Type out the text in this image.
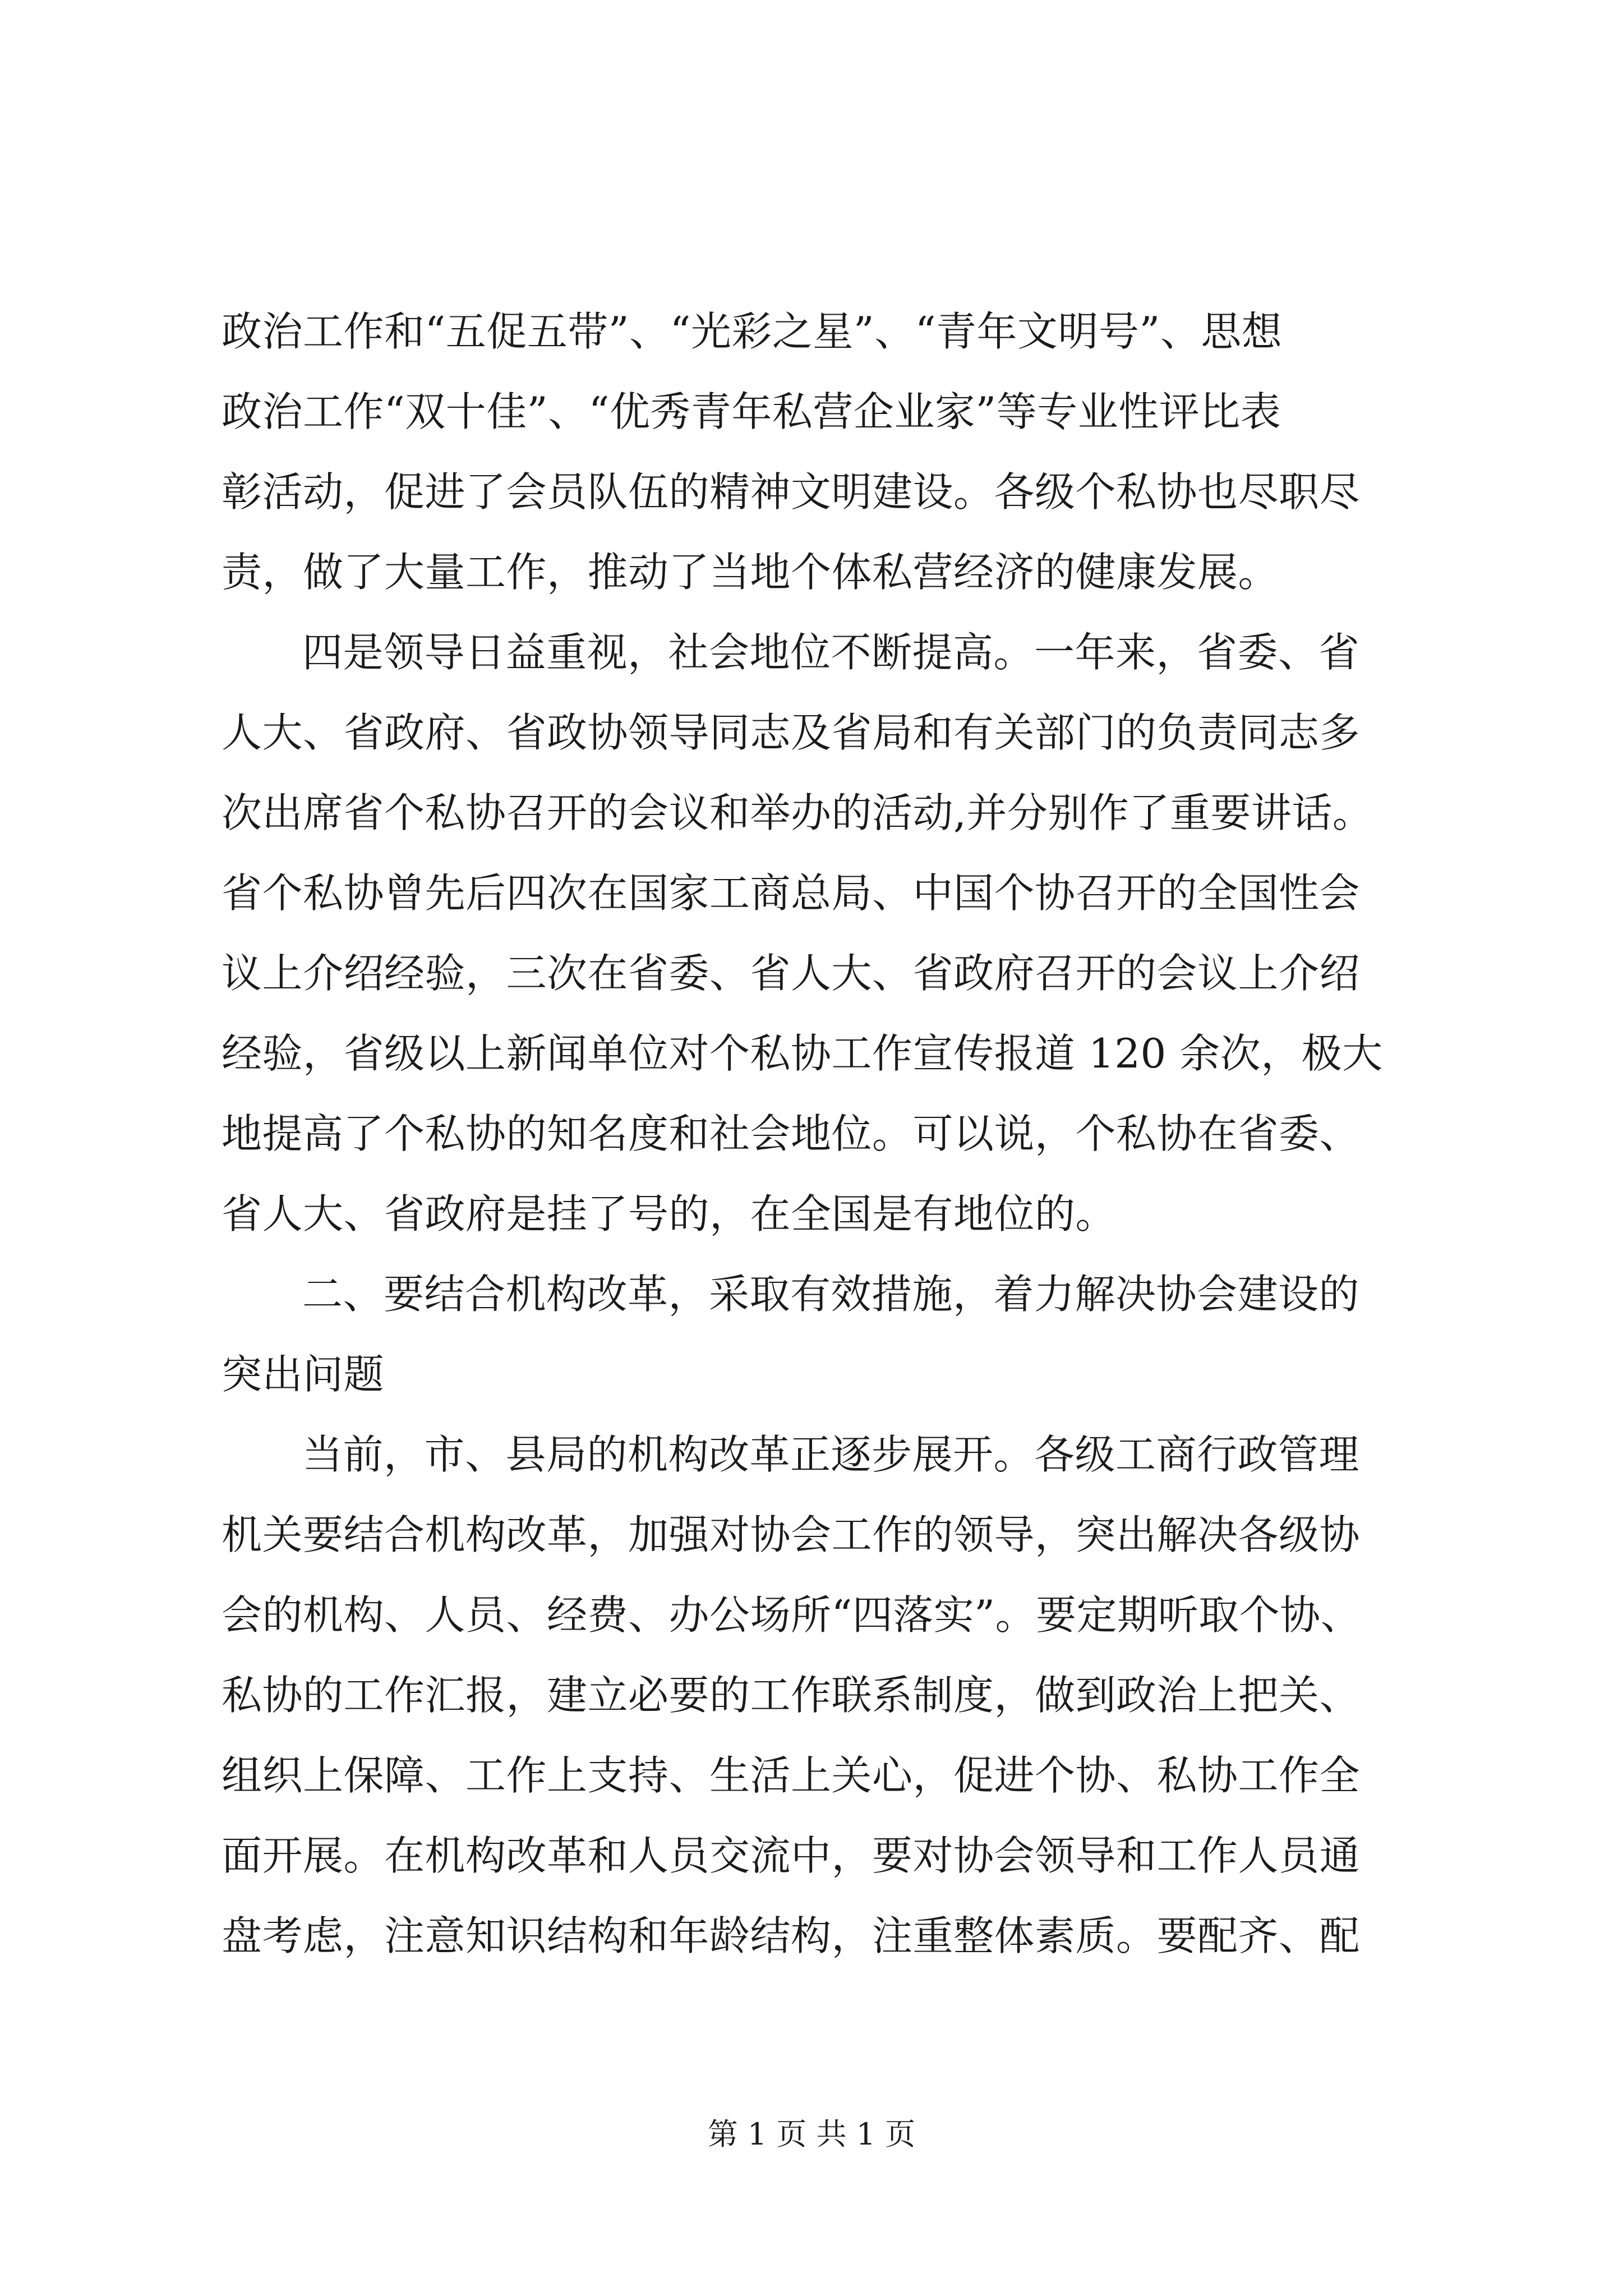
政治工作和“五促五带”、“光彩之星”、“青年文明号”、思想
政治工作“双十佳”、“优秀青年私营企业家”等专业性评比表
彰活动，促进了会员队伍的精神文明建设。各级个私协也尽职尽
责，做了大量工作，推动了当地个体私营经济的健康发展。
四是领导日益重视，社会地位不断提高。一年来，省委、省
人大、省政府、省政协领导同志及省局和有关部门的负责同志多
次出席省个私协召开的会议和举办的活动,并分别作了重要讲话。
省个私协曾先后四次在国家工商总局、中国个协召开的全国性会
议上介绍经验，三次在省委、省人大、省政府召开的会议上介绍
经验，省级以上新闻单位对个私协工作宣传报道 120 余次，极大
地提高了个私协的知名度和社会地位。可以说，个私协在省委、
省人大、省政府是挂了号的，在全国是有地位的。
二、要结合机构改革，采取有效措施，着力解决协会建设的
突出问题
当前，市、县局的机构改革正逐步展开。各级工商行政管理
机关要结合机构改革，加强对协会工作的领导，突出解决各级协
会的机构、人员、经费、办公场所“四落实”。要定期听取个协、
私协的工作汇报，建立必要的工作联系制度，做到政治上把关、
组织上保障、工作上支持、生活上关心，促进个协、私协工作全
面开展。在机构改革和人员交流中，要对协会领导和工作人员通
盘考虑，注意知识结构和年龄结构，注重整体素质。要配齐、配
第 1 页 共 1 页
